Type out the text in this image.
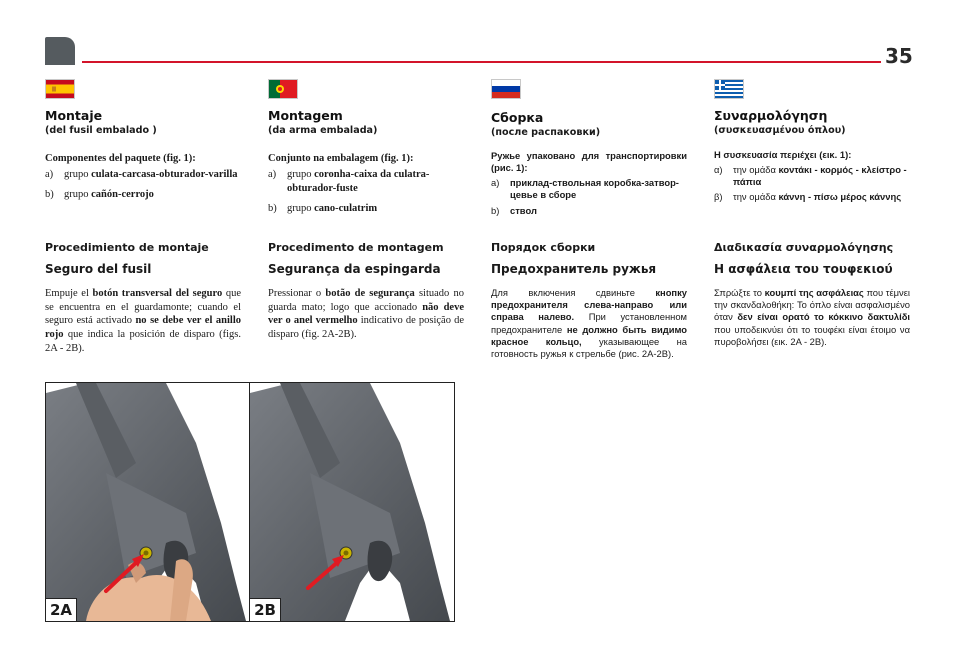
35
Montaje
(del fusil embalado )
Componentes del paquete (fig. 1):
a)	grupo culata-carcasa-obturador-varilla
b) grupo cañón-cerrojo
Procedimiento de montaje
Seguro del fusil
Empuje el botón transversal del seguro que se encuentra en el guardamonte; cuando el seguro está activado no se debe ver el anillo rojo que indica la posición de disparo (figs. 2A - 2B).
Montagem
(da arma embalada)
Conjunto na embalagem (fig. 1):
a)	grupo coronha-caixa da culatra-obturador-fuste
b) grupo cano-culatrim
Procedimento de montagem
Segurança da espingarda
Pressionar o botão de segurança situado no guarda mato; logo que accionado não deve ver o anel vermelho indicativo de posição de disparo (fig. 2A-2B).
Сборка
(после распаковки)
Ружье упаковано для транспортировки (рис. 1):
a)	приклад-ствольная коробка-затвор-цевье в сборе
b)	ствол
Порядок сборки
Предохранитель ружья
Для включения сдвиньте кнопку предохранителя слева-направо или справа налево. При установленном предохранителе не должно быть видимо красное кольцо, указывающее на готовность ружья к стрельбе (рис. 2A-2B).
Συναρμολόγηση
(συσκευασμένου όπλου)
Η συσκευασία περιέχει (εικ. 1):
α)	την ομάδα κοντάκι - κορμός - κλείστρο - πάπια
β)	την ομάδα κάννη - πίσω μέρος κάννης
Διαδικασία συναρμολόγησης
Η ασφάλεια του τουφεκιού
Σπρώξτε το κουμπί της ασφάλειας που τέμνει την σκανδαλοθήκη: Το όπλο είναι ασφαλισμένο όταν δεν είναι ορατό το κόκκινο δακτυλίδι που υποδεικνύει ότι το τουφέκι είναι έτοιμο να πυροβολήσει (εικ. 2A - 2B).
2A	2B
